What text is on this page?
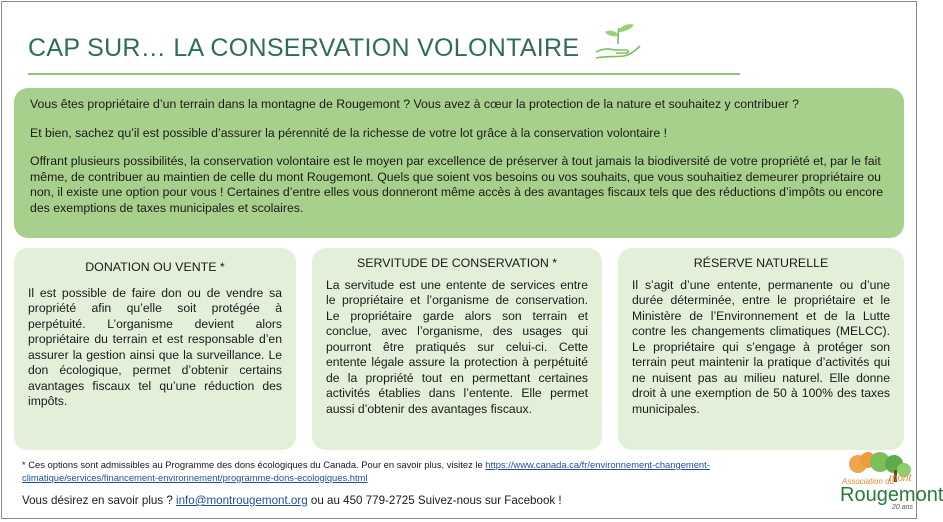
CAP SUR… LA CONSERVATION VOLONTAIRE

Vous êtes propriétaire d’un terrain dans la montagne de Rougemont ? Vous avez à cœur la protection de la nature et souhaitez y contribuer ?

Et bien, sachez qu’il est possible d’assurer la pérennité de la richesse de votre lot grâce à la conservation volontaire !

Offrant plusieurs possibilités, la conservation volontaire est le moyen par excellence de préserver à tout jamais la biodiversité de votre propriété et, par le fait même, de contribuer au maintien de celle du mont Rougemont. Quels que soient vos besoins ou vos souhaits, que vous souhaitiez demeurer propriétaire ou non, il existe une option pour vous ! Certaines d’entre elles vous donneront même accès à des avantages fiscaux tels que des réductions d’impôts ou encore des exemptions de taxes municipales et scolaires.

DONATION OU VENTE *

Il est possible de faire don ou de vendre sa propriété afin qu’elle soit protégée à perpétuité. L’organisme devient alors propriétaire du terrain et est responsable d’en assurer la gestion ainsi que la surveillance. Le don écologique, permet d’obtenir certains avantages fiscaux tel qu’une réduction des impôts.

SERVITUDE DE CONSERVATION *

La servitude est une entente de services entre le propriétaire et l’organisme de conservation. Le propriétaire garde alors son terrain et conclue, avec l’organisme, des usages qui pourront être pratiqués sur celui-ci. Cette entente légale assure la protection à perpétuité de la propriété tout en permettant certaines activités établies dans l’entente. Elle permet aussi d’obtenir des avantages fiscaux.

RÉSERVE NATURELLE

Il s’agit d’une entente, permanente ou d’une durée déterminée, entre le propriétaire et le Ministère de l’Environnement et de la Lutte contre les changements climatiques (MELCC). Le propriétaire qui s’engage à protéger son terrain peut maintenir la pratique d’activités qui ne nuisent pas au milieu naturel. Elle donne droit à une exemption de 50 à 100% des taxes municipales.

* Ces options sont admissibles au Programme des dons écologiques du Canada. Pour en savoir plus, visitez le https://www.canada.ca/fr/environnement-changement-climatique/services/financement-environnement/programme-dons-ecologiques.html
Vous désirez en savoir plus ? info@montrougemont.org ou au 450 779-2725 Suivez-nous sur Facebook !
Association du
mont
Rougemont
20 ans
